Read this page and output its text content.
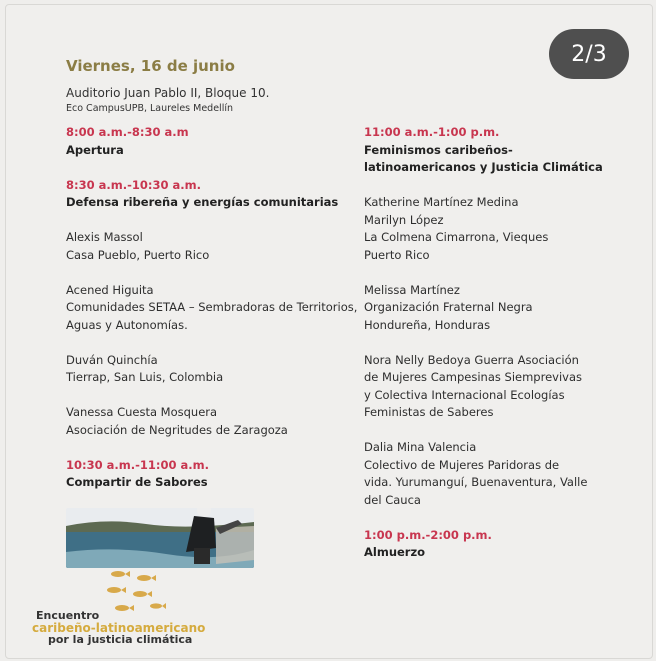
2/3
Viernes, 16 de junio
Auditorio Juan Pablo II, Bloque 10.
Eco CampusUPB, Laureles Medellín
8:00 a.m.-8:30 a.m
Apertura
8:30 a.m.-10:30 a.m.
Defensa ribereña y energías comunitarias
Alexis Massol
Casa Pueblo, Puerto Rico
Acened Higuita
Comunidades SETAA – Sembradoras de Territorios,
Aguas y Autonomías.
Duván Quinchía
Tierrap, San Luis, Colombia
Vanessa Cuesta Mosquera
Asociación de Negritudes de Zaragoza
10:30 a.m.-11:00 a.m.
Compartir de Sabores
11:00 a.m.-1:00 p.m.
Feminismos caribeños-
latinoamericanos y Justicia Climática
Katherine Martínez Medina
Marilyn López
La Colmena Cimarrona, Vieques
Puerto Rico
Melissa Martínez
Organización Fraternal Negra
Hondureña, Honduras
Nora Nelly Bedoya Guerra Asociación
de Mujeres Campesinas Siemprevivas
y Colectiva Internacional Ecologías
Feministas de Saberes
Dalia Mina Valencia
Colectivo de Mujeres Paridoras de
vida. Yurumanguí, Buenaventura, Valle
del Cauca
1:00 p.m.-2:00 p.m.
Almuerzo
Encuentro
caribeño-latinoamericano
por la justicia climática
